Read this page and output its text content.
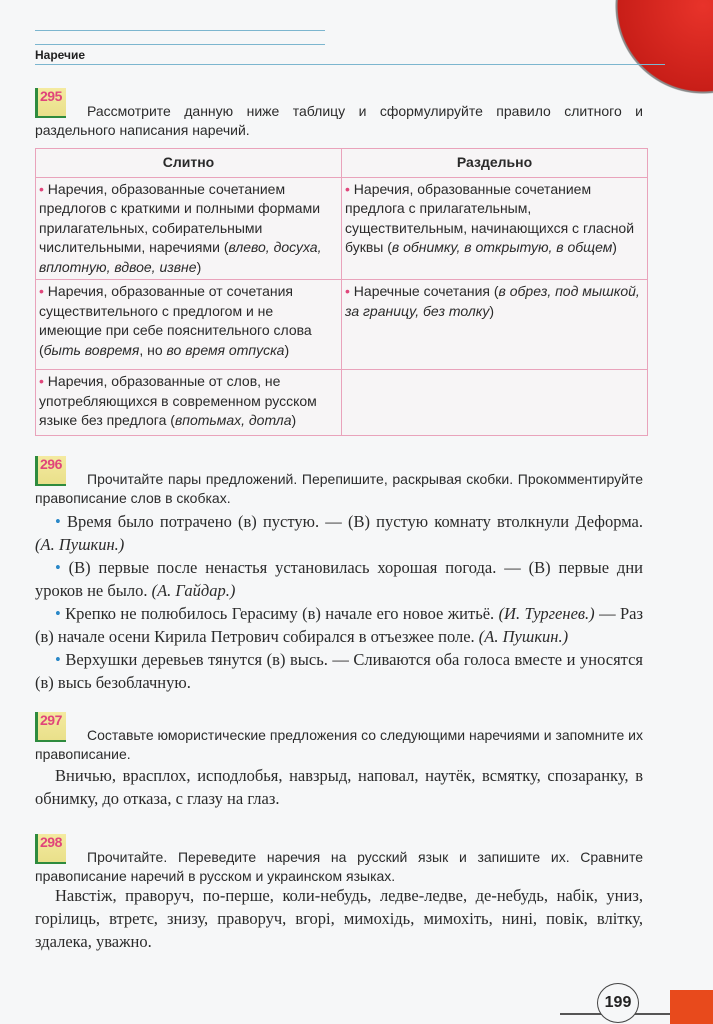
Наречие
295
Рассмотрите данную ниже таблицу и сформулируйте правило слитного и раздельного написания наречий.
Слитно	Раздельно
• Наречия, образованные сочетанием предлогов с краткими и полными формами прилагательных, собирательными числительными, наречиями (влево, досуха, вплотную, вдвое, извне)	• Наречия, образованные сочетанием предлога с прилагательным, существительным, начинающихся с гласной буквы (в обнимку, в открытую, в общем)
• Наречия, образованные от сочетания существительного с предлогом и не имеющие при себе пояснительного слова (быть вовремя, но во время отпуска)	• Наречные сочетания (в обрез, под мышкой, за границу, без толку)
• Наречия, образованные от слов, не употребляющихся в современном русском языке без предлога (впотьмах, дотла)	
296
Прочитайте пары предложений. Перепишите, раскрывая скобки. Прокомментируйте правописание слов в скобках.

• Время было потрачено (в) пустую. — (В) пустую комнату втолкнули Деформа. (А. Пушкин.)

• (В) первые после ненастья установилась хорошая погода. — (В) первые дни уроков не было. (А. Гайдар.)

• Крепко не полюбилось Герасиму (в) начале его новое житьё. (И. Тургенев.) — Раз (в) начале осени Кирила Петрович собирался в отъезжее поле. (А. Пушкин.)

• Верхушки деревьев тянутся (в) высь. — Сливаются оба голоса вместе и уносятся (в) высь безоблачную.

297
Составьте юмористические предложения со следующими наречиями и запомните их правописание.

Вничью, врасплох, исподлобья, навзрыд, наповал, наутёк, всмятку, спозаранку, в обнимку, до отказа, с глазу на глаз.

298
Прочитайте. Переведите наречия на русский язык и запишите их. Сравните правописание наречий в русском и украинском языках.

Навстіж, праворуч, по-перше, коли-небудь, ледве-ледве, де-небудь, набік, униз, горілиць, втретє, знизу, праворуч, вгорі, мимохідь, мимохіть, нині, повік, влітку, здалека, уважно.

199
